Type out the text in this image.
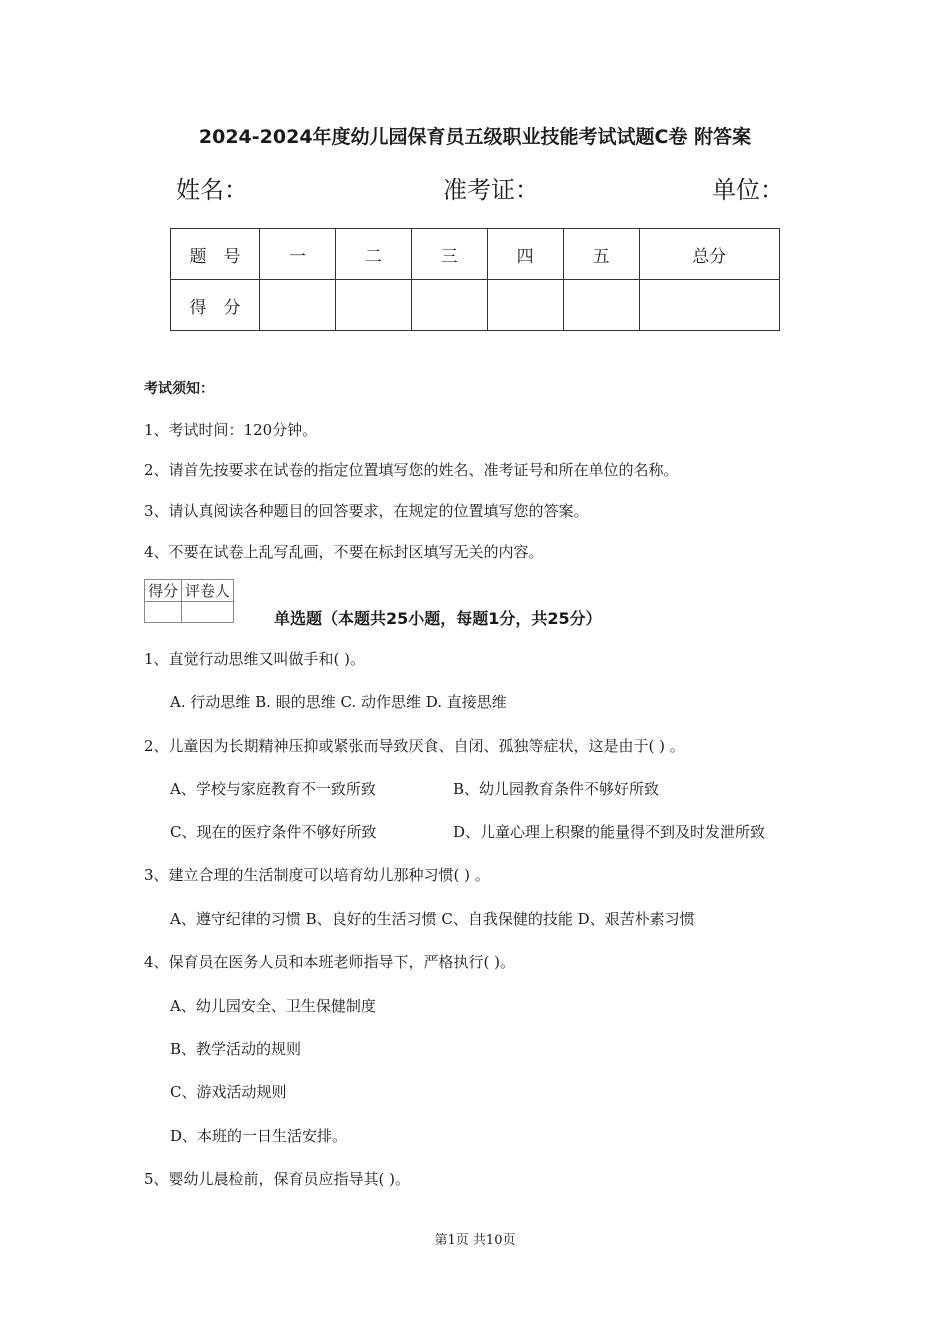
2024-2024年度幼儿园保育员五级职业技能考试试题C卷 附答案
姓名：	准考证：	单位：
题　号	一	二	三	四	五	总分
得　分						
考试须知：
1、考试时间：120分钟。
2、请首先按要求在试卷的指定位置填写您的姓名、准考证号和所在单位的名称。
3、请认真阅读各种题目的回答要求，在规定的位置填写您的答案。
4、不要在试卷上乱写乱画，不要在标封区填写无关的内容。
得分	评卷人

单选题（本题共25小题，每题1分，共25分）
1、直觉行动思维又叫做手和( )。
A. 行动思维 B. 眼的思维 C. 动作思维 D. 直接思维
2、儿童因为长期精神压抑或紧张而导致厌食、自闭、孤独等症状，这是由于( ) 。
A、学校与家庭教育不一致所致	B、幼儿园教育条件不够好所致
C、现在的医疗条件不够好所致	D、儿童心理上积聚的能量得不到及时发泄所致
3、建立合理的生活制度可以培育幼儿那种习惯( ) 。
A、遵守纪律的习惯 B、良好的生活习惯 C、自我保健的技能 D、艰苦朴素习惯
4、保育员在医务人员和本班老师指导下，严格执行( )。
A、幼儿园安全、卫生保健制度
B、教学活动的规则
C、游戏活动规则
D、本班的一日生活安排。
5、婴幼儿晨检前，保育员应指导其( )。
第1页 共10页
